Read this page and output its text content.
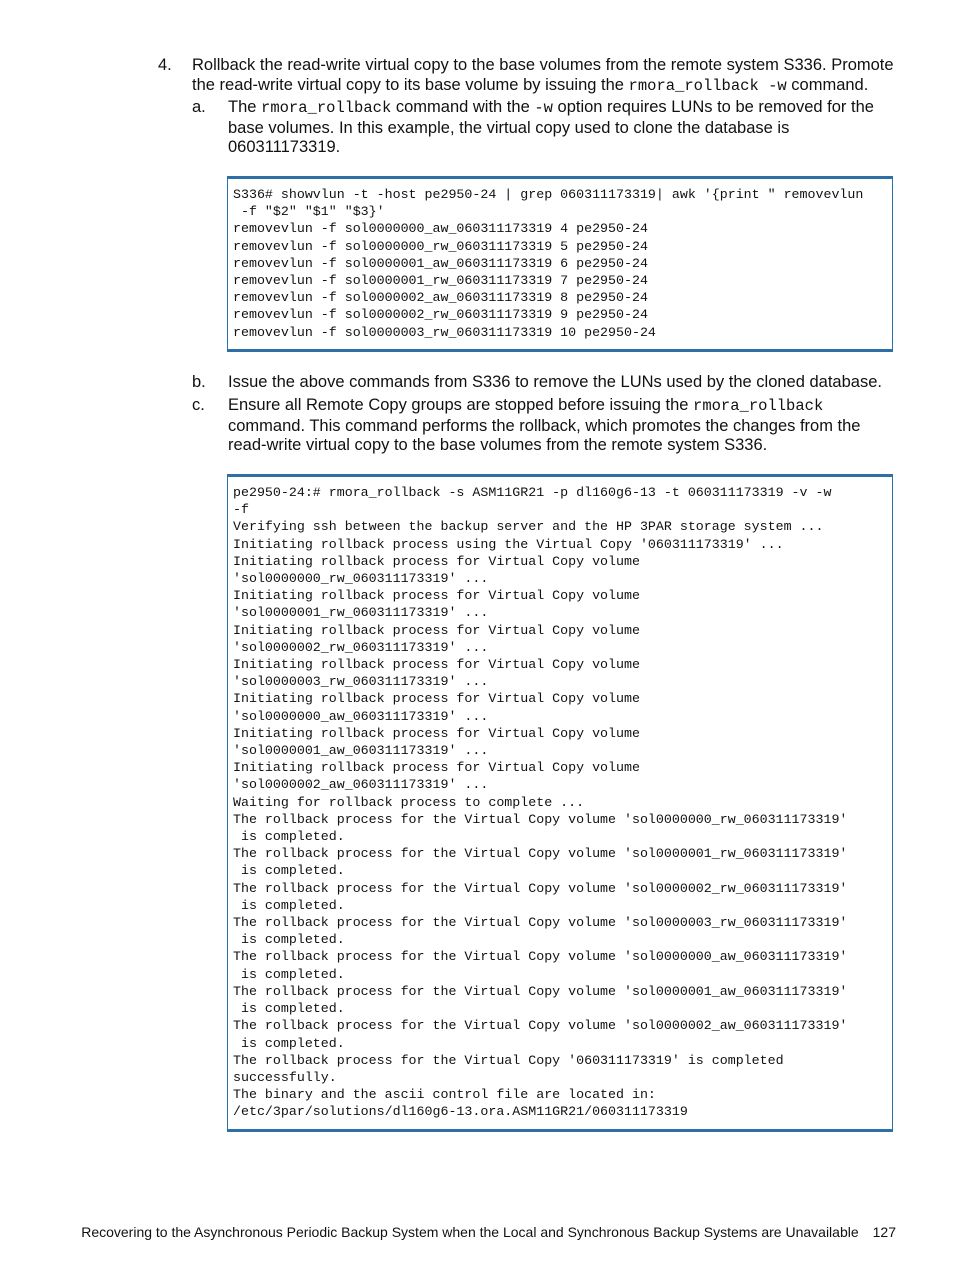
4. Rollback the read-write virtual copy to the base volumes from the remote system S336. Promote the read-write virtual copy to its base volume by issuing the rmora_rollback -w command.
a. The rmora_rollback command with the -w option requires LUNs to be removed for the base volumes. In this example, the virtual copy used to clone the database is 060311173319.
S336# showvlun -t -host pe2950-24 | grep 060311173319| awk '{print " removevlun
-f "$2" "$1" "$3}'
removevlun -f sol0000000_aw_060311173319 4 pe2950-24
removevlun -f sol0000000_rw_060311173319 5 pe2950-24
removevlun -f sol0000001_aw_060311173319 6 pe2950-24
removevlun -f sol0000001_rw_060311173319 7 pe2950-24
removevlun -f sol0000002_aw_060311173319 8 pe2950-24
removevlun -f sol0000002_rw_060311173319 9 pe2950-24
removevlun -f sol0000003_rw_060311173319 10 pe2950-24
b. Issue the above commands from S336 to remove the LUNs used by the cloned database.
c. Ensure all Remote Copy groups are stopped before issuing the rmora_rollback command. This command performs the rollback, which promotes the changes from the read-write virtual copy to the base volumes from the remote system S336.
pe2950-24:# rmora_rollback -s ASM11GR21 -p dl160g6-13 -t 060311173319 -v -w
-f
Verifying ssh between the backup server and the HP 3PAR storage system ...
Initiating rollback process using the Virtual Copy '060311173319' ...
Initiating rollback process for Virtual Copy volume
'sol0000000_rw_060311173319' ...
Initiating rollback process for Virtual Copy volume
'sol0000001_rw_060311173319' ...
Initiating rollback process for Virtual Copy volume
'sol0000002_rw_060311173319' ...
Initiating rollback process for Virtual Copy volume
'sol0000003_rw_060311173319' ...
Initiating rollback process for Virtual Copy volume
'sol0000000_aw_060311173319' ...
Initiating rollback process for Virtual Copy volume
'sol0000001_aw_060311173319' ...
Initiating rollback process for Virtual Copy volume
'sol0000002_aw_060311173319' ...
Waiting for rollback process to complete ...
The rollback process for the Virtual Copy volume 'sol0000000_rw_060311173319'
is completed.
The rollback process for the Virtual Copy volume 'sol0000001_rw_060311173319'
is completed.
The rollback process for the Virtual Copy volume 'sol0000002_rw_060311173319'
is completed.
The rollback process for the Virtual Copy volume 'sol0000003_rw_060311173319'
is completed.
The rollback process for the Virtual Copy volume 'sol0000000_aw_060311173319'
is completed.
The rollback process for the Virtual Copy volume 'sol0000001_aw_060311173319'
is completed.
The rollback process for the Virtual Copy volume 'sol0000002_aw_060311173319'
is completed.
The rollback process for the Virtual Copy '060311173319' is completed
successfully.
The binary and the ascii control file are located in:
/etc/3par/solutions/dl160g6-13.ora.ASM11GR21/060311173319
Recovering to the Asynchronous Periodic Backup System when the Local and Synchronous Backup Systems are Unavailable 127
